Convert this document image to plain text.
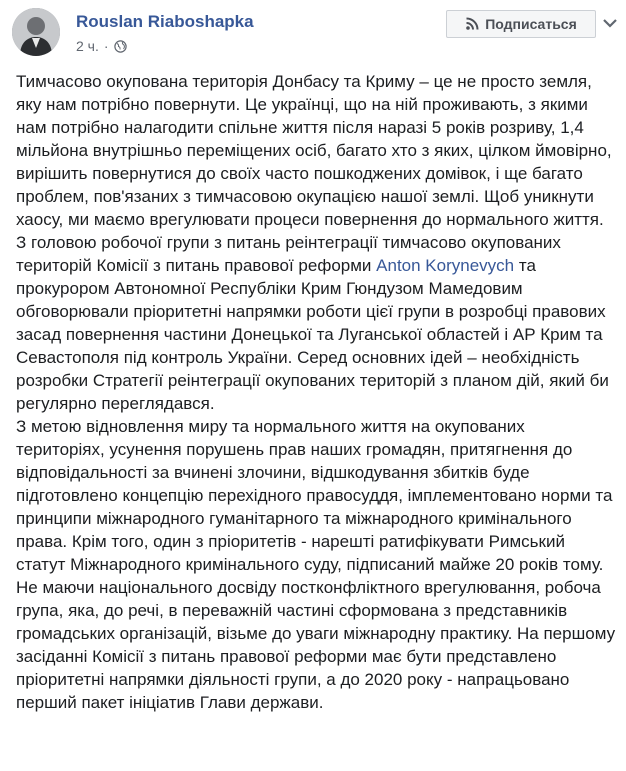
Rouslan Riaboshapka
2 ч. ·
Подписаться

Тимчасово окупована територія Донбасу та Криму – це не просто земля, яку нам потрібно повернути. Це українці, що на ній проживають, з якими нам потрібно налагодити спільне життя після наразі 5 років розриву, 1,4 мільйона внутрішньо переміщених осіб, багато хто з яких, цілком ймовірно, вирішить повернутися до своїх часто пошкоджених домівок, і ще багато проблем, пов'язаних з тимчасовою окупацією нашої землі. Щоб уникнути хаосу, ми маємо врегулювати процеси повернення до нормального життя. З головою робочої групи з питань реінтеграції тимчасово окупованих територій Комісії з питань правової реформи Anton Korynevych та прокурором Автономної Республіки Крим Гюндузом Мамедовим обговорювали пріоритетні напрямки роботи цієї групи в розробці правових засад повернення частини Донецької та Луганської областей і АР Крим та Севастополя під контроль України. Серед основних ідей – необхідність розробки Стратегії реінтеграції окупованих територій з планом дій, який би регулярно переглядався.

З метою відновлення миру та нормального життя на окупованих територіях, усунення порушень прав наших громадян, притягнення до відповідальності за вчинені злочини, відшкодування збитків буде підготовлено концепцію перехідного правосуддя, імплементовано норми та принципи міжнародного гуманітарного та міжнародного кримінального права. Крім того, один з пріоритетів - нарешті ратифікувати Римський статут Міжнародного кримінального суду, підписаний майже 20 років тому.

Не маючи національного досвіду постконфліктного врегулювання, робоча група, яка, до речі, в переважній частині сформована з представників громадських організацій, візьме до уваги міжнародну практику. На першому засіданні Комісії з питань правової реформи має бути представлено пріоритетні напрямки діяльності групи, а до 2020 року - напрацьовано перший пакет ініціатив Глави держави.
